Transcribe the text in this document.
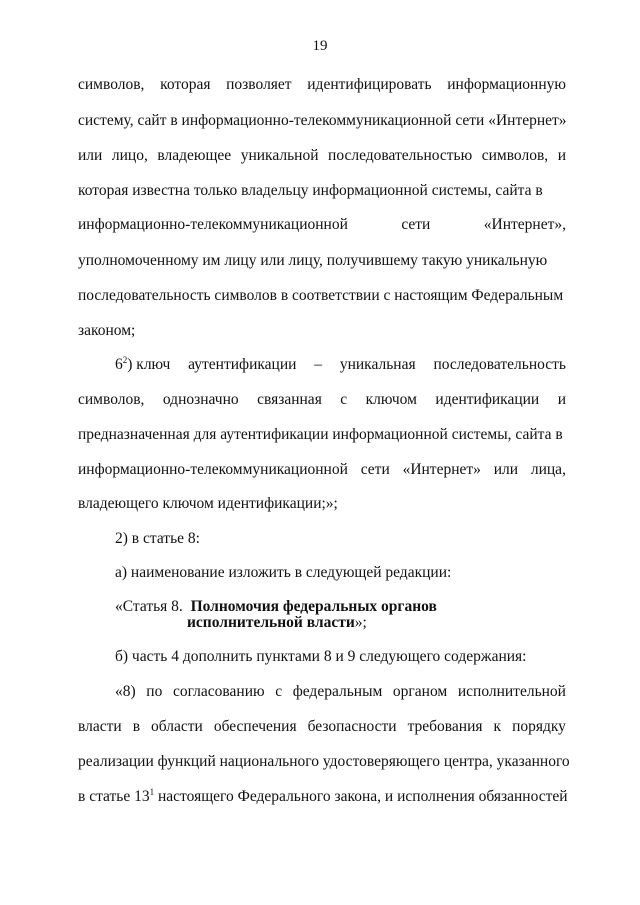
19
символов, которая позволяет идентифицировать информационную
систему, сайт в информационно-телекоммуникационной сети «Интернет»
или лицо, владеющее уникальной последовательностью символов, и
которая известна только владельцу информационной системы, сайта в
информационно-телекоммуникационной	сети	«Интернет»,
уполномоченному им лицу или лицу, получившему такую уникальную
последовательность символов в соответствии с настоящим Федеральным
законом;
$6^2$) ключ аутентификации – уникальная последовательность
символов, однозначно связанная с ключом идентификации и
предназначенная для аутентификации информационной системы, сайта в
информационно-телекоммуникационной сети «Интернет» или лица,
владеющего ключом идентификации;»;
2) в статье 8:
а) наименование изложить в следующей редакции:
«Статья 8. Полномочия федеральных органов
исполнительной власти»;
б) часть 4 дополнить пунктами 8 и 9 следующего содержания:
«8) по согласованию с федеральным органом исполнительной
власти в области обеспечения безопасности требования к порядку
реализации функций национального удостоверяющего центра, указанного
в статье $13^1$ настоящего Федерального закона, и исполнения обязанностей
